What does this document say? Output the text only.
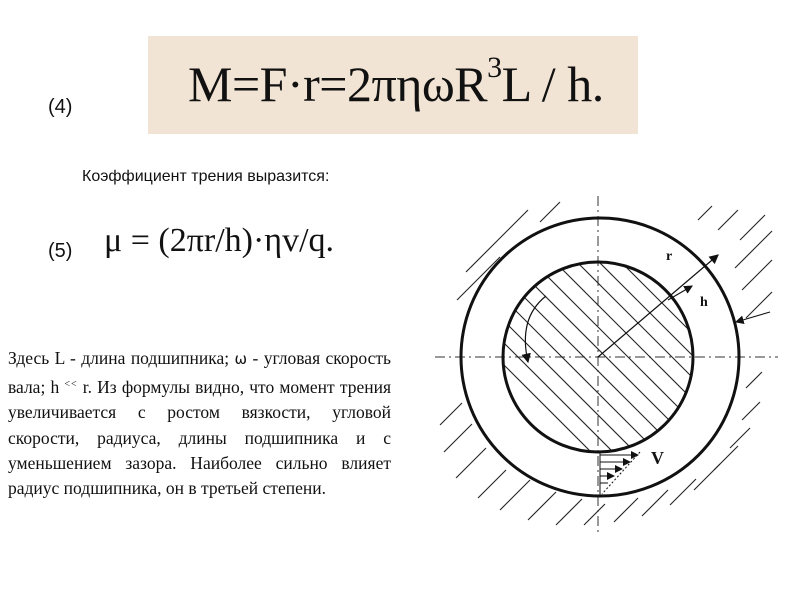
M=F·r=2πηωR$^3$L / h.
(4)
Коэффициент трения выразится:
(5) μ = (2πr/h)·ηv/q.
Здесь L - длина подшипника; ω - угловая скорость вала; h << r. Из формулы видно, что момент трения увеличивается с ростом вязкости, угловой скорости, радиуса, длины подшипника и с уменьшением зазора. Наиболее сильно влияет радиус подшипника, он в третьей степени.
r
h
V
